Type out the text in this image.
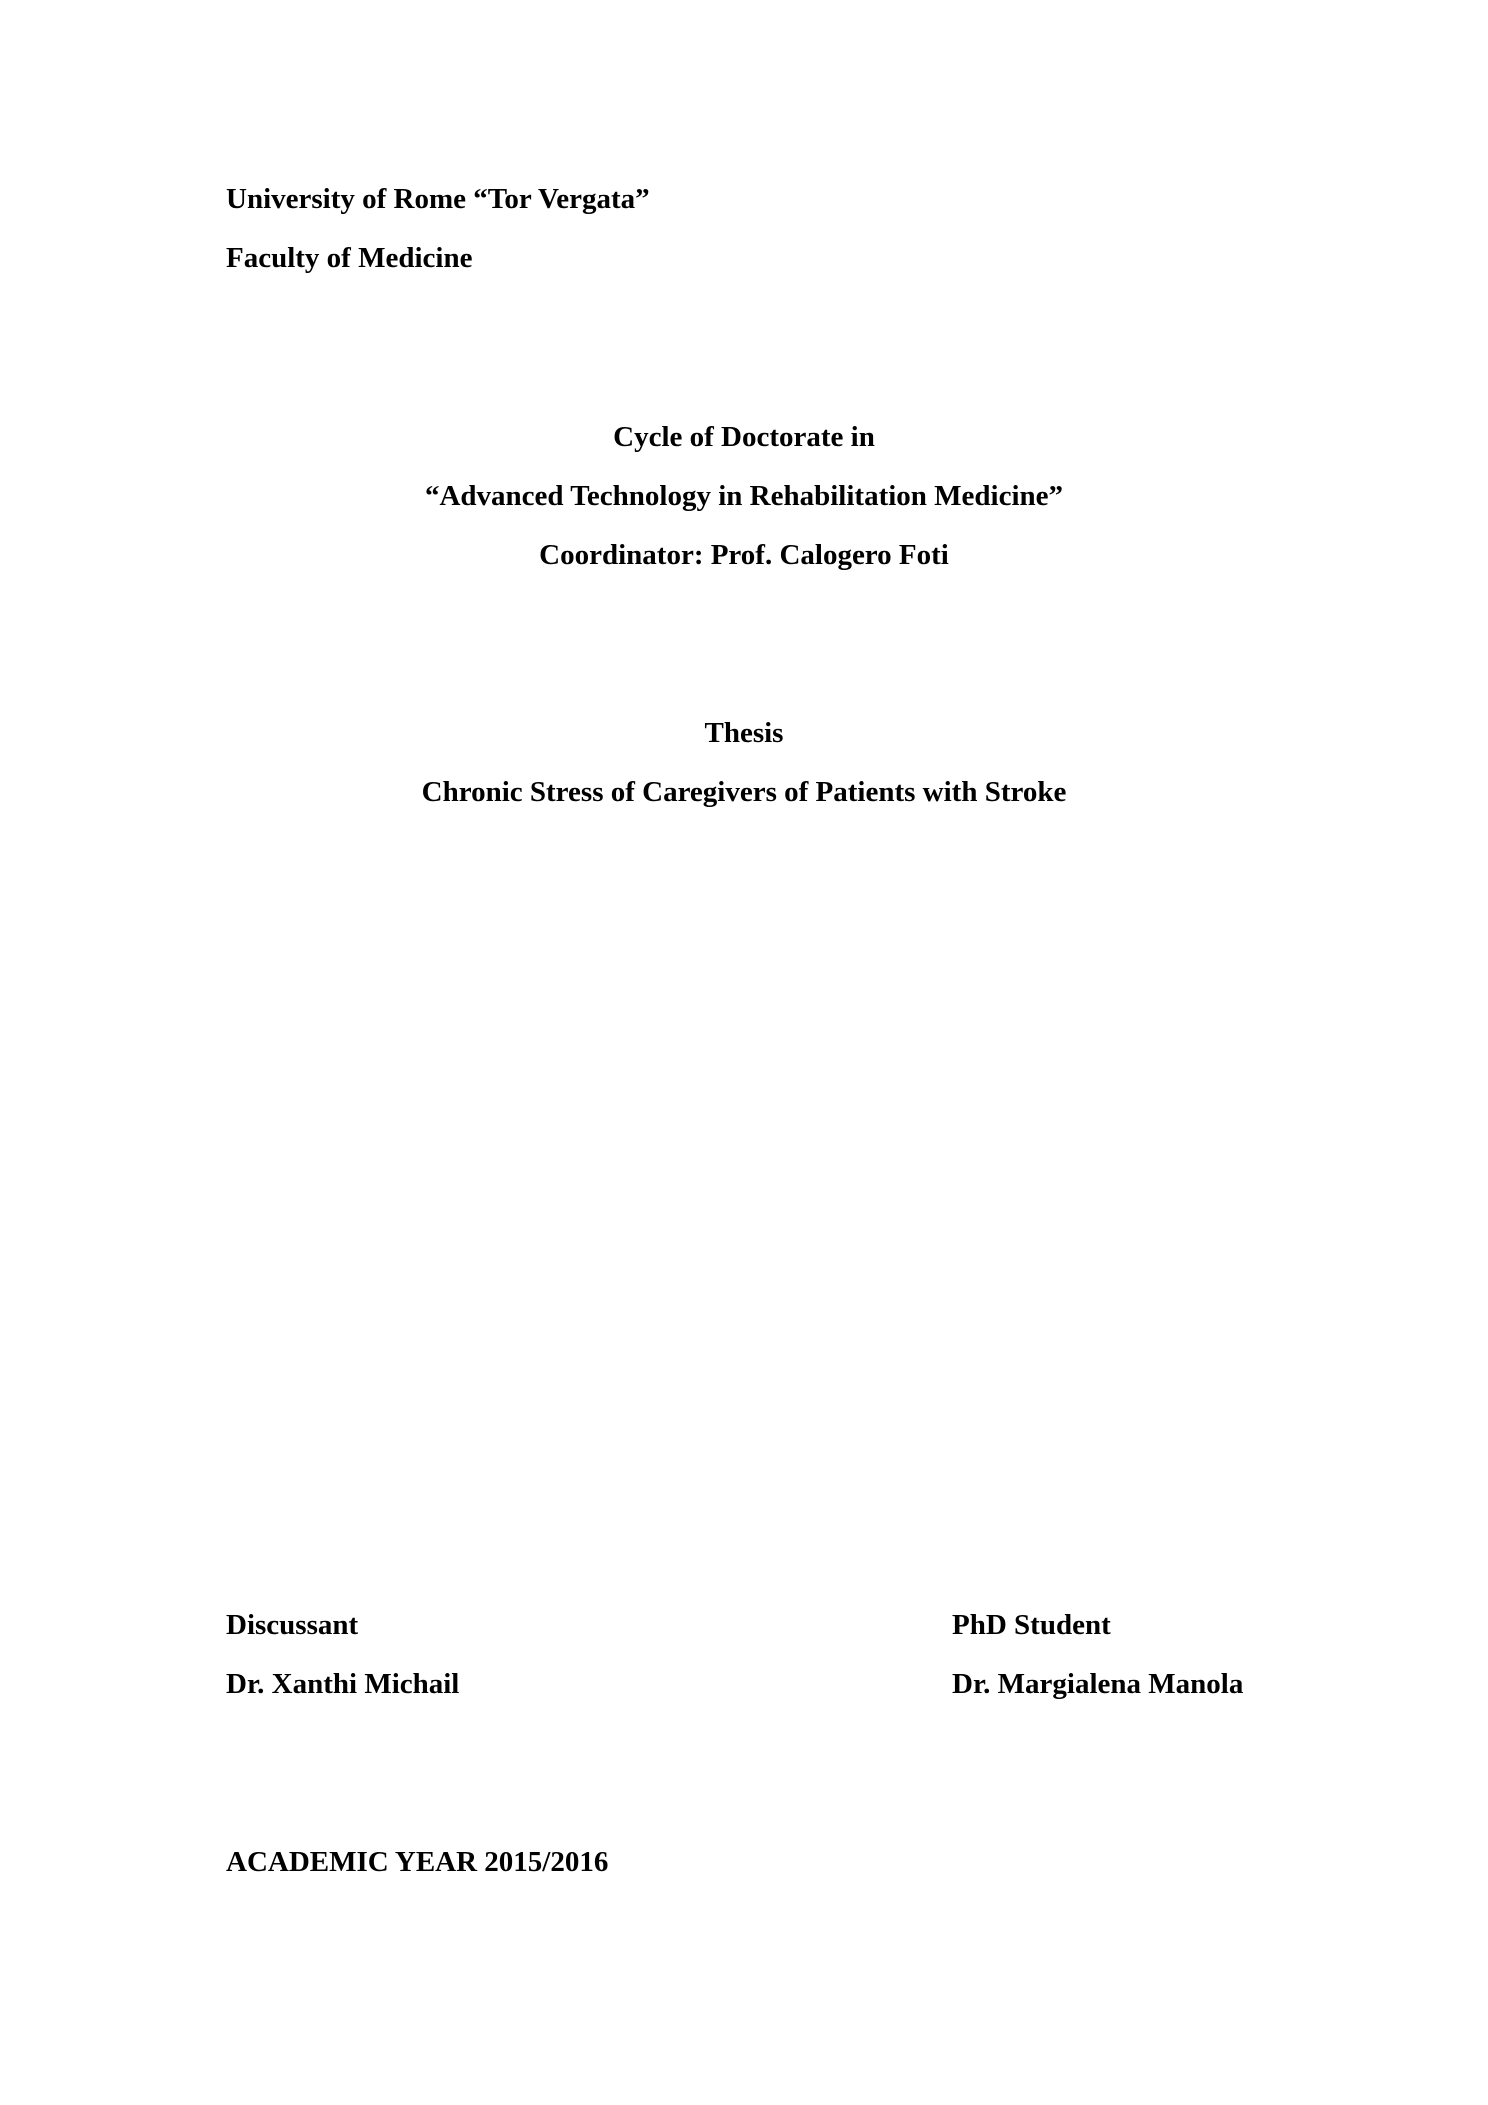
University of Rome “Tor Vergata”
Faculty of Medicine
Cycle of Doctorate in
“Advanced Technology in Rehabilitation Medicine”
Coordinator: Prof. Calogero Foti
Thesis
Chronic Stress of Caregivers of Patients with Stroke
Discussant
Dr. Xanthi Michail
PhD Student
Dr. Margialena Manola
ACADEMIC YEAR 2015/2016
